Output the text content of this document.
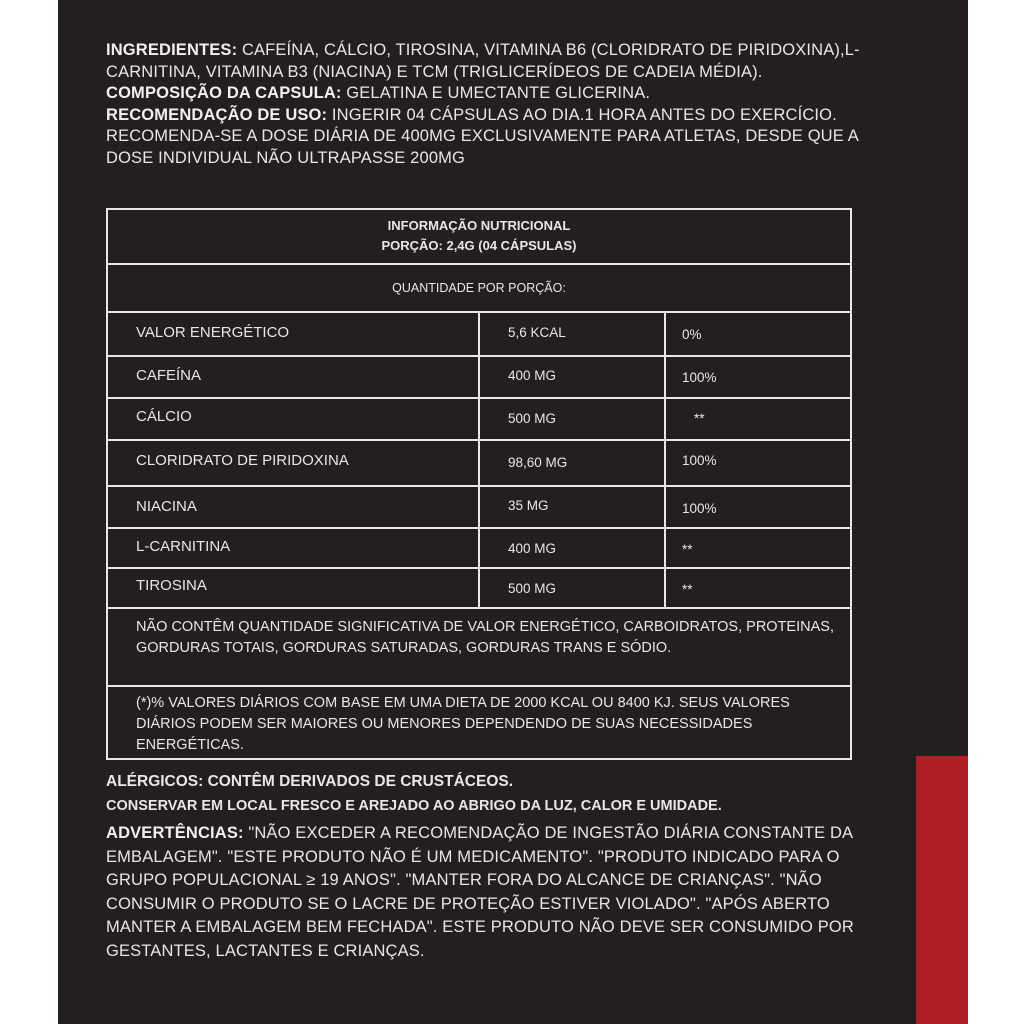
INGREDIENTES: CAFEÍNA, CÁLCIO, TIROSINA, VITAMINA B6 (CLORIDRATO DE PIRIDOXINA),L-CARNITINA, VITAMINA B3 (NIACINA) E TCM (TRIGLICERÍDEOS DE CADEIA MÉDIA).

COMPOSIÇÃO DA CAPSULA: GELATINA E UMECTANTE GLICERINA.

RECOMENDAÇÃO DE USO: INGERIR 04 CÁPSULAS AO DIA.1 HORA ANTES DO EXERCÍCIO. RECOMENDA-SE A DOSE DIÁRIA DE 400MG EXCLUSIVAMENTE PARA ATLETAS, DESDE QUE A DOSE INDIVIDUAL NÃO ULTRAPASSE 200MG

INFORMAÇÃO NUTRICIONAL
PORÇÃO: 2,4G (04 CÁPSULAS)
QUANTIDADE POR PORÇÃO:
VALOR ENERGÉTICO	5,6 KCAL	0%
CAFEÍNA	400 MG	100%
CÁLCIO	500 MG	**
CLORIDRATO DE PIRIDOXINA	98,60 MG	100%
NIACINA	35 MG	100%
L-CARNITINA	400 MG	**
TIROSINA	500 MG	**
NÃO CONTÊM QUANTIDADE SIGNIFICATIVA DE VALOR ENERGÉTICO, CARBOIDRATOS, PROTEINAS, GORDURAS TOTAIS, GORDURAS SATURADAS, GORDURAS TRANS E SÓDIO.
(*)% VALORES DIÁRIOS COM BASE EM UMA DIETA DE 2000 KCAL OU 8400 KJ. SEUS VALORES DIÁRIOS PODEM SER MAIORES OU MENORES DEPENDENDO DE SUAS NECESSIDADES ENERGÉTICAS.

ALÉRGICOS: CONTÊM DERIVADOS DE CRUSTÁCEOS.

CONSERVAR EM LOCAL FRESCO E AREJADO AO ABRIGO DA LUZ, CALOR E UMIDADE.

ADVERTÊNCIAS: "NÃO EXCEDER A RECOMENDAÇÃO DE INGESTÃO DIÁRIA CONSTANTE DA EMBALAGEM". "ESTE PRODUTO NÃO É UM MEDICAMENTO". "PRODUTO INDICADO PARA O GRUPO POPULACIONAL ≥ 19 ANOS". "MANTER FORA DO ALCANCE DE CRIANÇAS". "NÃO CONSUMIR O PRODUTO SE O LACRE DE PROTEÇÃO ESTIVER VIOLADO". "APÓS ABERTO MANTER A EMBALAGEM BEM FECHADA". ESTE PRODUTO NÃO DEVE SER CONSUMIDO POR GESTANTES, LACTANTES E CRIANÇAS.
